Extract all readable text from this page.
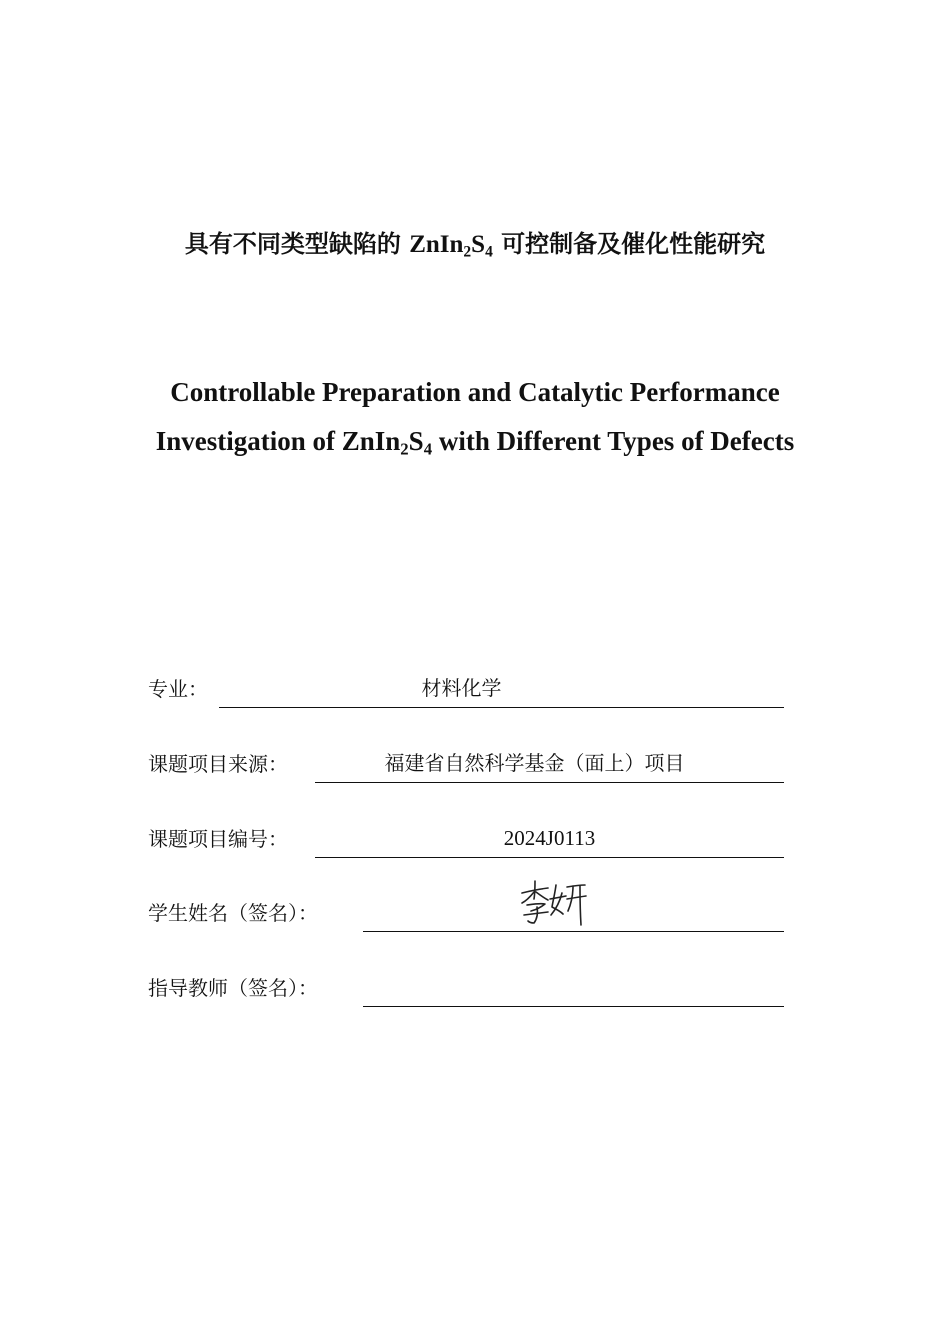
具有不同类型缺陷的 $ZnIn_2S_4$ 可控制备及催化性能研究
Controllable Preparation and Catalytic Performance
Investigation of $ZnIn_2S_4$ with Different Types of Defects
专业：	材料化学
课题项目来源：	福建省自然科学基金（面上）项目
课题项目编号：	2024J0113
学生姓名（签名）：
指导教师（签名）：
